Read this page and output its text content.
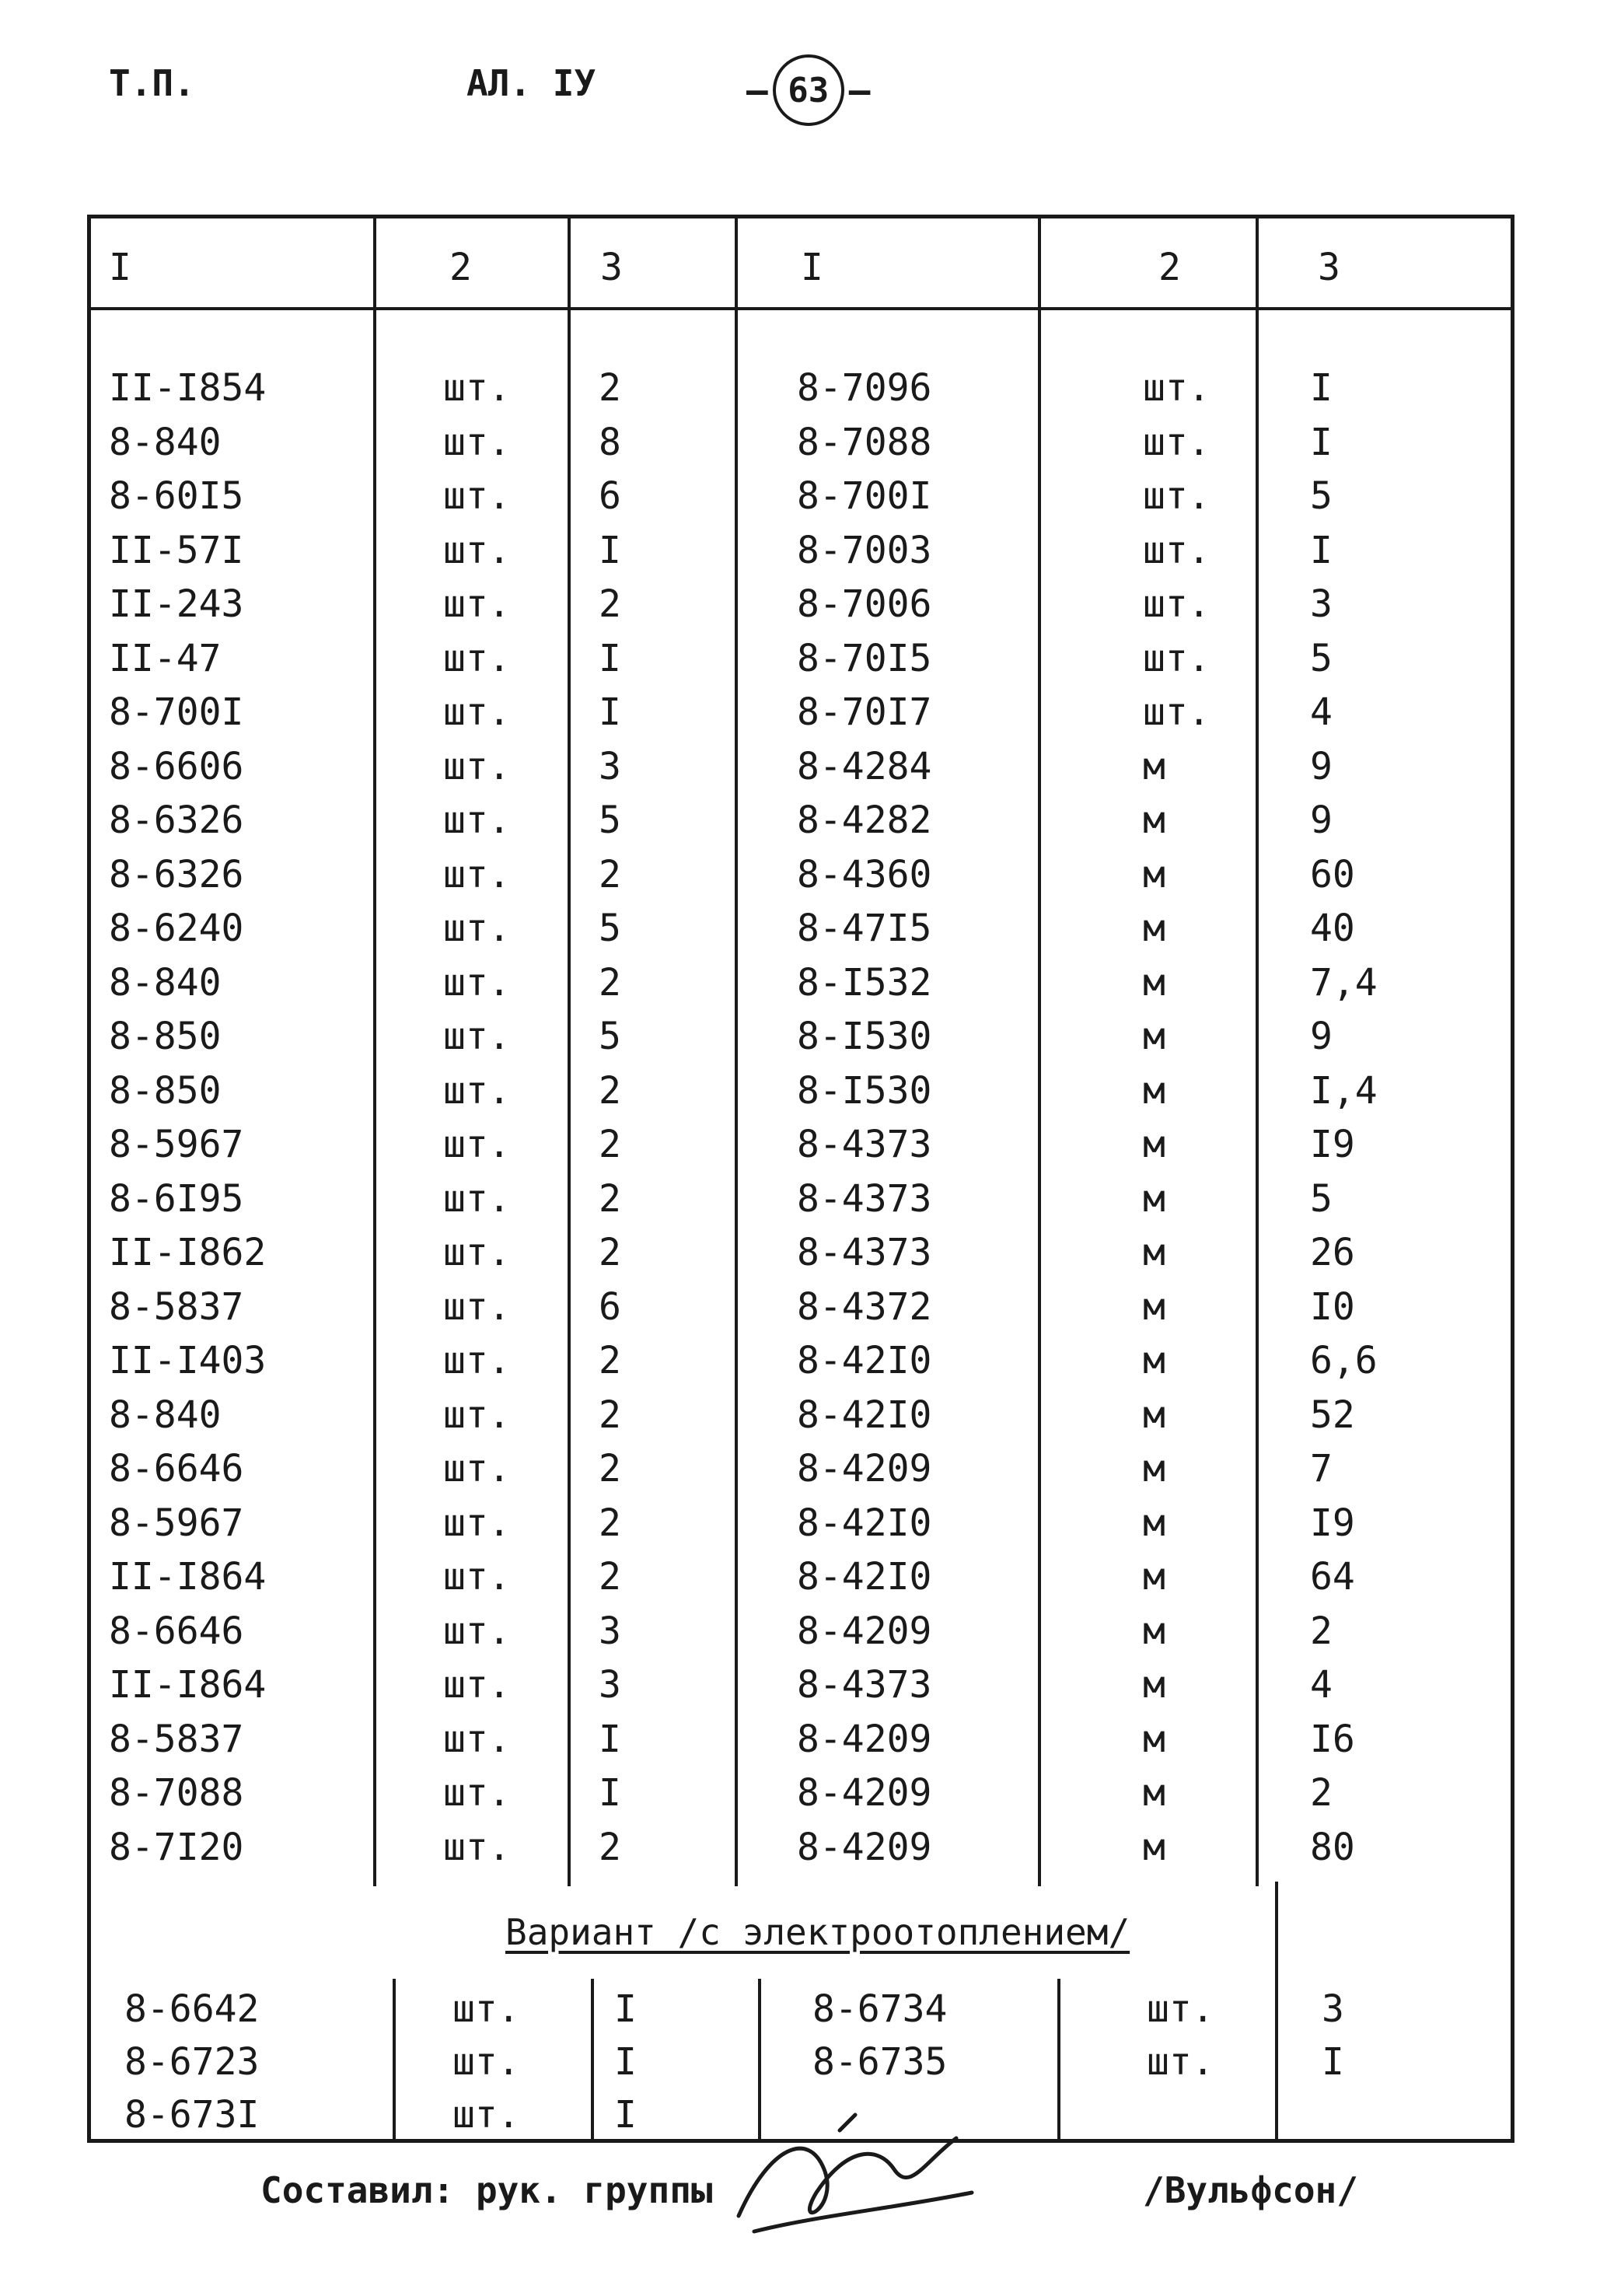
Т.П.	АЛ. IУ	– 63 –
I	2	3	I	2	3
II-I854	шт. 2	8-7096	шт.	I
8-840	шт. 8	8-7088	шт.	I
8-60I5	шт. 6	8-700I	шт.	5
II-57I	шт. I	8-7003	шт.	I
II-243	шт. 2	8-7006	шт.	3
II-47	шт. I	8-70I5	шт.	5
8-700I	шт. I	8-70I7	шт.	4
8-6606	шт. 3	8-4284	м	9
8-6326	шт. 5	8-4282	м	9
8-6326	шт. 2	8-4360	м	60
8-6240	шт. 5	8-47I5	м	40
8-840	шт. 2	8-I532	м	7,4
8-850	шт. 5	8-I530	м	9
8-850	шт. 2	8-I530	м	I,4
8-5967	шт. 2	8-4373	м	I9
8-6I95	шт. 2	8-4373	м	5
II-I862	шт. 2	8-4373	м	26
8-5837	шт. 6	8-4372	м	I0
II-I403	шт. 2	8-42I0	м	6,6
8-840	шт. 2	8-42I0	м	52
8-6646	шт. 2	8-4209	м	7
8-5967	шт. 2	8-42I0	м	I9
II-I864	шт. 2	8-42I0	м	64
8-6646	шт. 3	8-4209	м	2
II-I864	шт. 3	8-4373	м	4
8-5837	шт. I	8-4209	м	I6
8-7088	шт. I	8-4209	м	2
8-7I20	шт. 2	8-4209	м	80
Вариант /с электроотоплением/
8-6642	шт.	I	8-6734	шт.	3
8-6723	шт.	I	8-6735	шт.	I
8-673I	шт.	I
Составил: рук. группы	/Вульфсон/
